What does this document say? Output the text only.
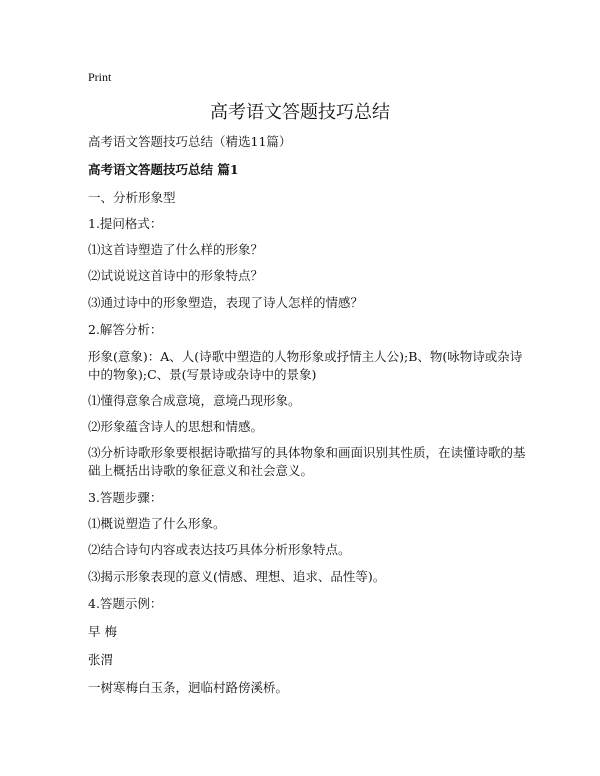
Print
高考语文答题技巧总结
高考语文答题技巧总结（精选11篇）
高考语文答题技巧总结 篇1
一、分析形象型
1.提问格式：
⑴这首诗塑造了什么样的形象？
⑵试说说这首诗中的形象特点？
⑶通过诗中的形象塑造，表现了诗人怎样的情感？
2.解答分析：
形象(意象)：A、人(诗歌中塑造的人物形象或抒情主人公);B、物(咏物诗或杂诗中的物象);C、景(写景诗或杂诗中的景象)
⑴懂得意象合成意境，意境凸现形象。
⑵形象蕴含诗人的思想和情感。
⑶分析诗歌形象要根据诗歌描写的具体物象和画面识别其性质，在读懂诗歌的基础上概括出诗歌的象征意义和社会意义。
3.答题步骤：
⑴概说塑造了什么形象。
⑵结合诗句内容或表达技巧具体分析形象特点。
⑶揭示形象表现的意义(情感、理想、追求、品性等)。
4.答题示例：
早 梅
张渭
一树寒梅白玉条，迥临村路傍溪桥。
